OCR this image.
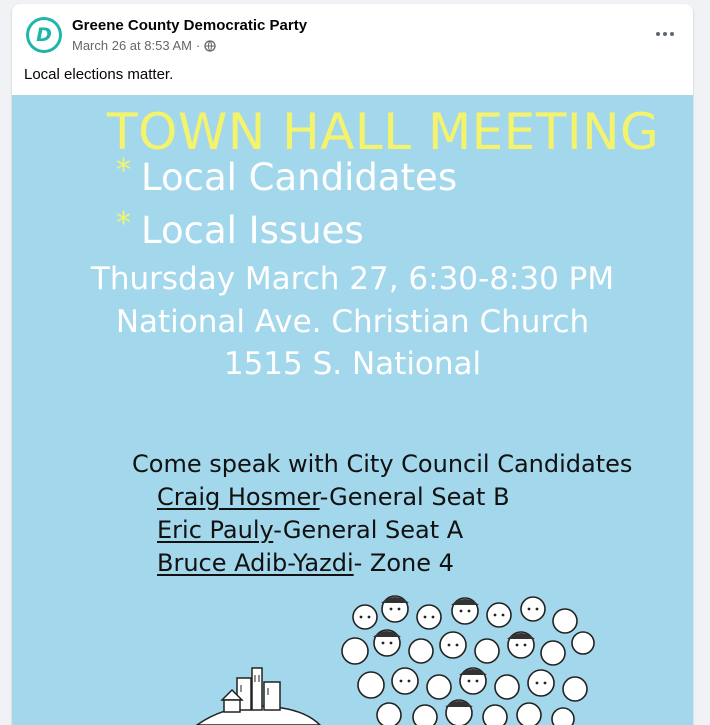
D	Greene County Democratic Party
March 26 at 8:53 AM ·
Local elections matter.
TOWN HALL MEETING
* Local Candidates
* Local Issues
Thursday March 27, 6:30-8:30 PM
National Ave. Christian Church
1515 S. National
Come speak with City Council Candidates
Craig Hosmer-General Seat B
Eric Pauly-General Seat A
Bruce Adib-Yazdi- Zone 4
